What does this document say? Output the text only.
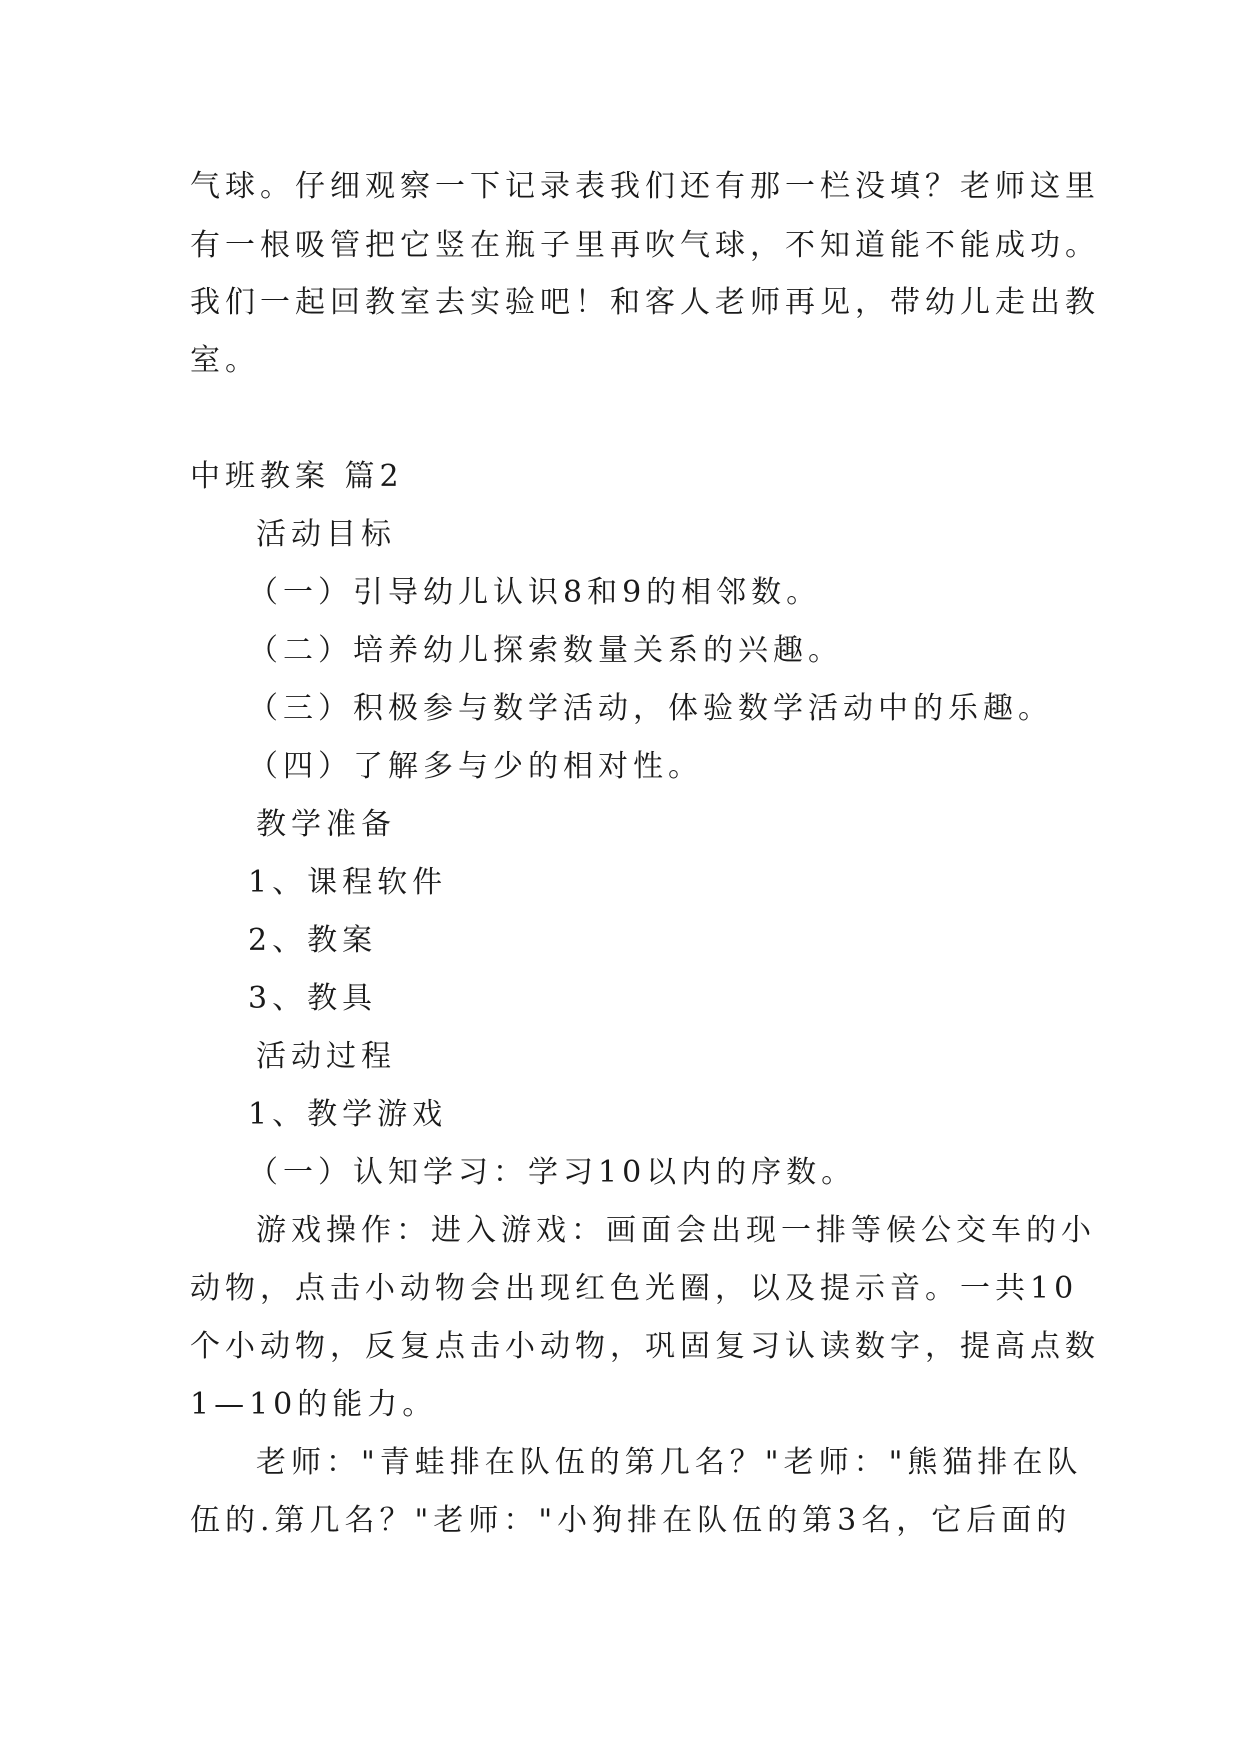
气球。仔细观察一下记录表我们还有那一栏没填？老师这里

有一根吸管把它竖在瓶子里再吹气球，不知道能不能成功。

我们一起回教室去实验吧！和客人老师再见，带幼儿走出教

室。

中班教案 篇2

活动目标

（一）引导幼儿认识8和9的相邻数。

（二）培养幼儿探索数量关系的兴趣。

（三）积极参与数学活动，体验数学活动中的乐趣。

（四）了解多与少的相对性。

教学准备

1、课程软件

2、教案

3、教具

活动过程

1、教学游戏

（一）认知学习：学习10以内的序数。

游戏操作：进入游戏：画面会出现一排等候公交车的小

动物，点击小动物会出现红色光圈，以及提示音。一共10

个小动物，反复点击小动物，巩固复习认读数字，提高点数

1—10的能力。

老师："青蛙排在队伍的第几名？"老师："熊猫排在队

伍的.第几名？"老师："小狗排在队伍的第3名，它后面的
